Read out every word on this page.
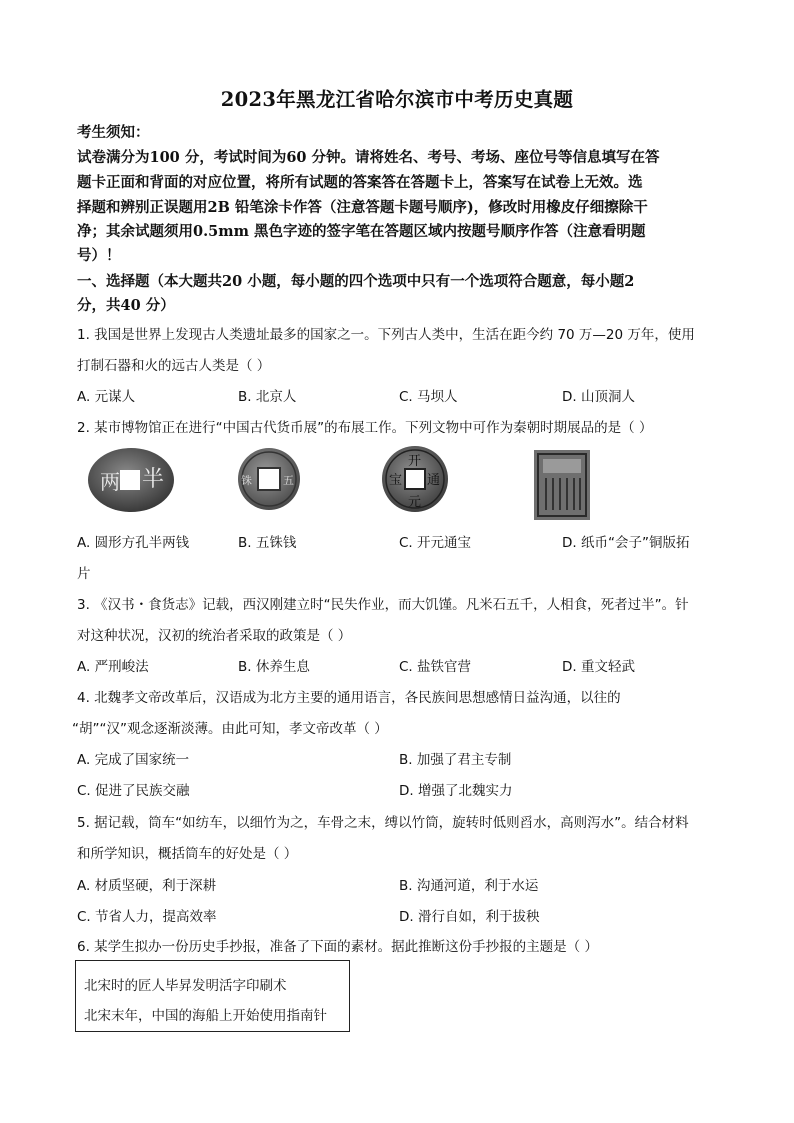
2023年黑龙江省哈尔滨市中考历史真题
考生须知：
试卷满分为100 分，考试时间为60 分钟。请将姓名、考号、考场、座位号等信息填写在答
题卡正面和背面的对应位置，将所有试题的答案答在答题卡上，答案写在试卷上无效。选
择题和辨别正误题用2B 铅笔涂卡作答（注意答题卡题号顺序)，修改时用橡皮仔细擦除干
净；其余试题须用0.5mm 黑色字迹的签字笔在答题区域内按题号顺序作答（注意看明题
号）！
一、选择题（本大题共20 小题，每小题的四个选项中只有一个选项符合题意，每小题2
分，共40 分）
1. 我国是世界上发现古人类遗址最多的国家之一。下列古人类中，生活在距今约 70 万—20 万年，使用
打制石器和火的远古人类是（ ）
A. 元谋人	B. 北京人	C. 马坝人	D. 山顶洞人
2. 某市博物馆正在进行“中国古代货币展”的布展工作。下列文物中可作为秦朝时期展品的是（ ）
两 半	铢	五
开
元
通
宝
A. 圆形方孔半两钱	B. 五铢钱	C. 开元通宝	D. 纸币“会子”铜版拓
片
3. 《汉书・食货志》记载，西汉刚建立时“民失作业，而大饥馑。凡米石五千，人相食，死者过半”。针
对这种状况，汉初的统治者采取的政策是（ ）
A. 严刑峻法	B. 休养生息	C. 盐铁官营	D. 重文轻武
4. 北魏孝文帝改革后，汉语成为北方主要的通用语言，各民族间思想感情日益沟通，以往的
“胡”“汉”观念逐渐淡薄。由此可知，孝文帝改革（ ）
A. 完成了国家统一	B. 加强了君主专制
C. 促进了民族交融	D. 增强了北魏实力
5. 据记载，筒车“如纺车，以细竹为之，车骨之末，缚以竹筒，旋转时低则舀水，高则泻水”。结合材料
和所学知识，概括筒车的好处是（ ）
A. 材质坚硬，利于深耕	B. 沟通河道，利于水运
C. 节省人力，提高效率	D. 滑行自如，利于拔秧
6. 某学生拟办一份历史手抄报，准备了下面的素材。据此推断这份手抄报的主题是（ ）
北宋时的匠人毕昇发明活字印刷术
北宋末年，中国的海船上开始使用指南针
